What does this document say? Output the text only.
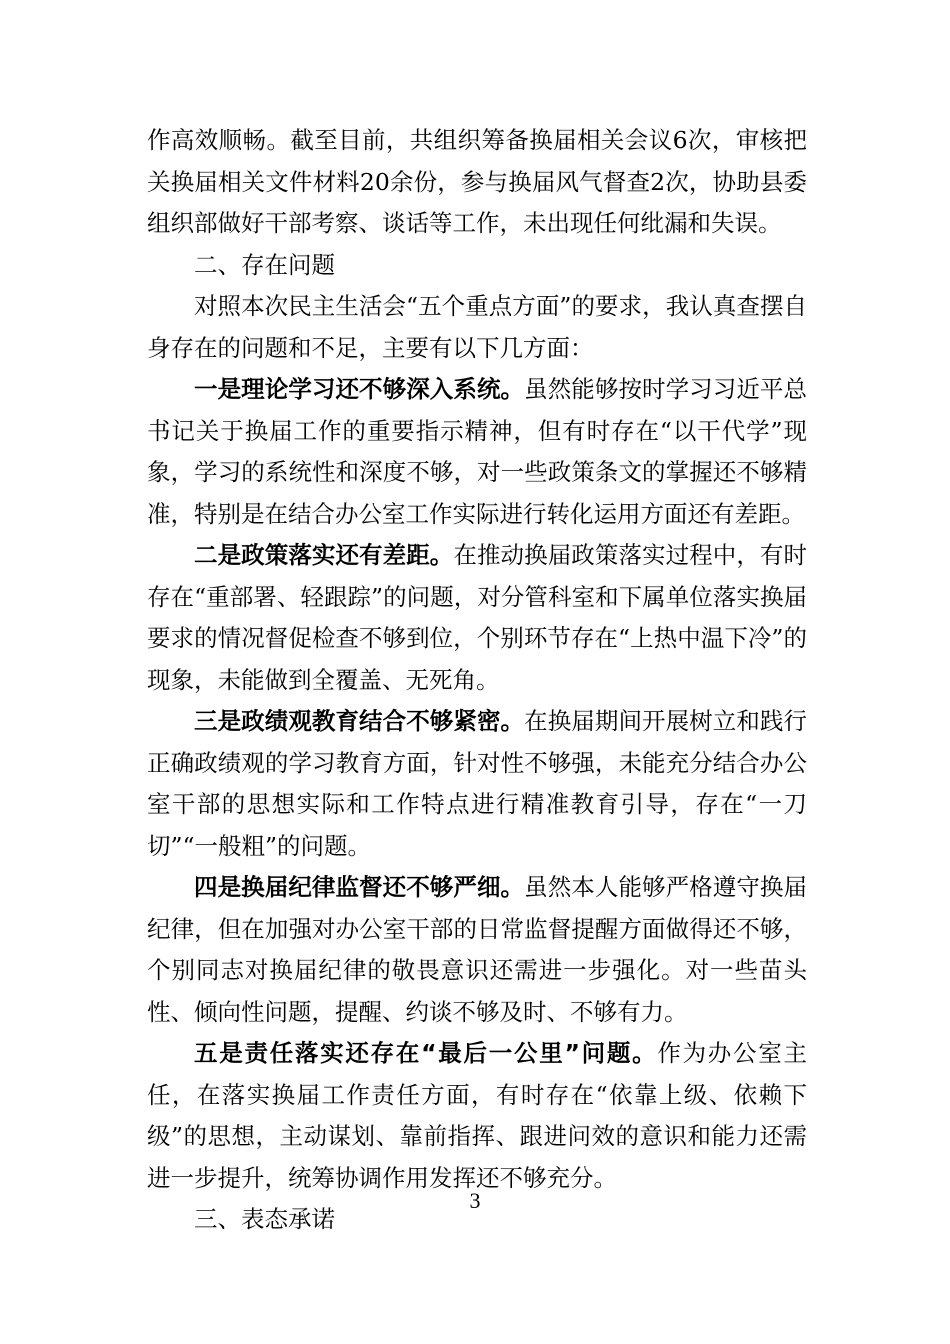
作高效顺畅。截至目前，共组织筹备换届相关会议6次，审核把关换届相关文件材料20余份，参与换届风气督查2次，协助县委组织部做好干部考察、谈话等工作，未出现任何纰漏和失误。

二、存在问题

对照本次民主生活会“五个重点方面”的要求，我认真查摆自身存在的问题和不足，主要有以下几方面：

一是理论学习还不够深入系统。虽然能够按时学习习近平总书记关于换届工作的重要指示精神，但有时存在“以干代学”现象，学习的系统性和深度不够，对一些政策条文的掌握还不够精准，特别是在结合办公室工作实际进行转化运用方面还有差距。

二是政策落实还有差距。在推动换届政策落实过程中，有时存在“重部署、轻跟踪”的问题，对分管科室和下属单位落实换届要求的情况督促检查不够到位，个别环节存在“上热中温下冷”的现象，未能做到全覆盖、无死角。

三是政绩观教育结合不够紧密。在换届期间开展树立和践行正确政绩观的学习教育方面，针对性不够强，未能充分结合办公室干部的思想实际和工作特点进行精准教育引导，存在“一刀切”“一般粗”的问题。

四是换届纪律监督还不够严细。虽然本人能够严格遵守换届纪律，但在加强对办公室干部的日常监督提醒方面做得还不够，个别同志对换届纪律的敬畏意识还需进一步强化。对一些苗头性、倾向性问题，提醒、约谈不够及时、不够有力。

五是责任落实还存在“最后一公里”问题。作为办公室主任，在落实换届工作责任方面，有时存在“依靠上级、依赖下级”的思想，主动谋划、靠前指挥、跟进问效的意识和能力还需进一步提升，统筹协调作用发挥还不够充分。

三、表态承诺

3
